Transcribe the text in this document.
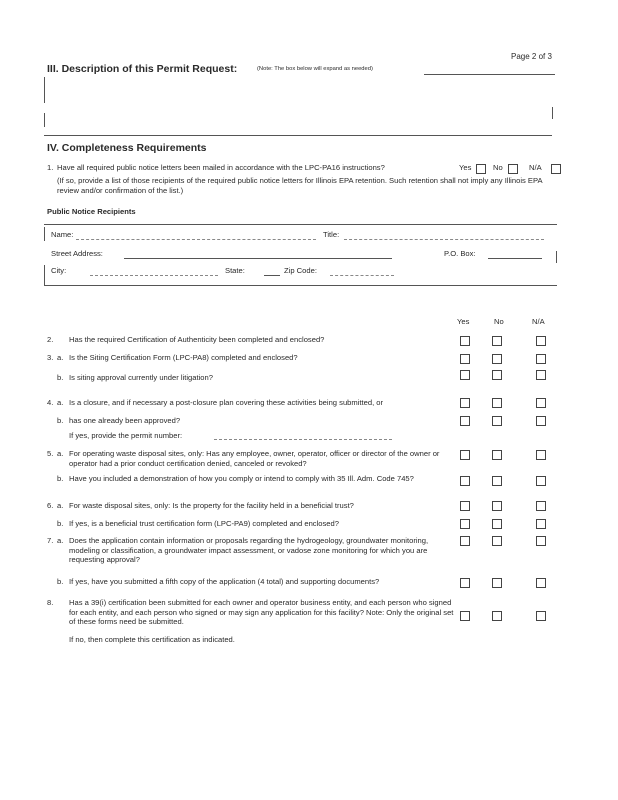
Page 2 of 3
III. Description of this Permit Request:	(Note: The box below will expand as needed)
IV. Completeness Requirements
1. Have all required public notice letters been mailed in accordance with the LPC-PA16 instructions?	Yes	No	N/A
(If so, provide a list of those recipients of the required public notice letters for Illinois EPA retention. Such retention shall not imply any Illinois EPA review and/or confirmation of the list.)
Public Notice Recipients
Name:	Title:
Street Address:	P.O. Box:
City:	State:	Zip Code:
Yes	No	N/A
2. Has the required Certification of Authenticity been completed and enclosed?
3. a. Is the Siting Certification Form (LPC-PA8) completed and enclosed?
b. Is siting approval currently under litigation?
4. a. Is a closure, and if necessary a post-closure plan covering these activities being submitted, or
b. has one already been approved?
If yes, provide the permit number:
5. a. For operating waste disposal sites, only: Has any employee, owner, operator, officer or director of the owner or operator had a prior conduct certification denied, canceled or revoked?
b. Have you included a demonstration of how you comply or intend to comply with 35 Ill. Adm. Code 745?
6. a. For waste disposal sites, only: Is the property for the facility held in a beneficial trust?
b. If yes, is a beneficial trust certification form (LPC-PA9) completed and enclosed?
7. a. Does the application contain information or proposals regarding the hydrogeology, groundwater monitoring, modeling or classification, a groundwater impact assessment, or vadose zone monitoring for which you are requesting approval?
b. If yes, have you submitted a fifth copy of the application (4 total) and supporting documents?
8. Has a 39(i) certification been submitted for each owner and operator business entity, and each person who signed for each entity, and each person who signed or may sign any application for this facility? Note: Only the original set of these forms need be submitted.
If no, then complete this certification as indicated.
